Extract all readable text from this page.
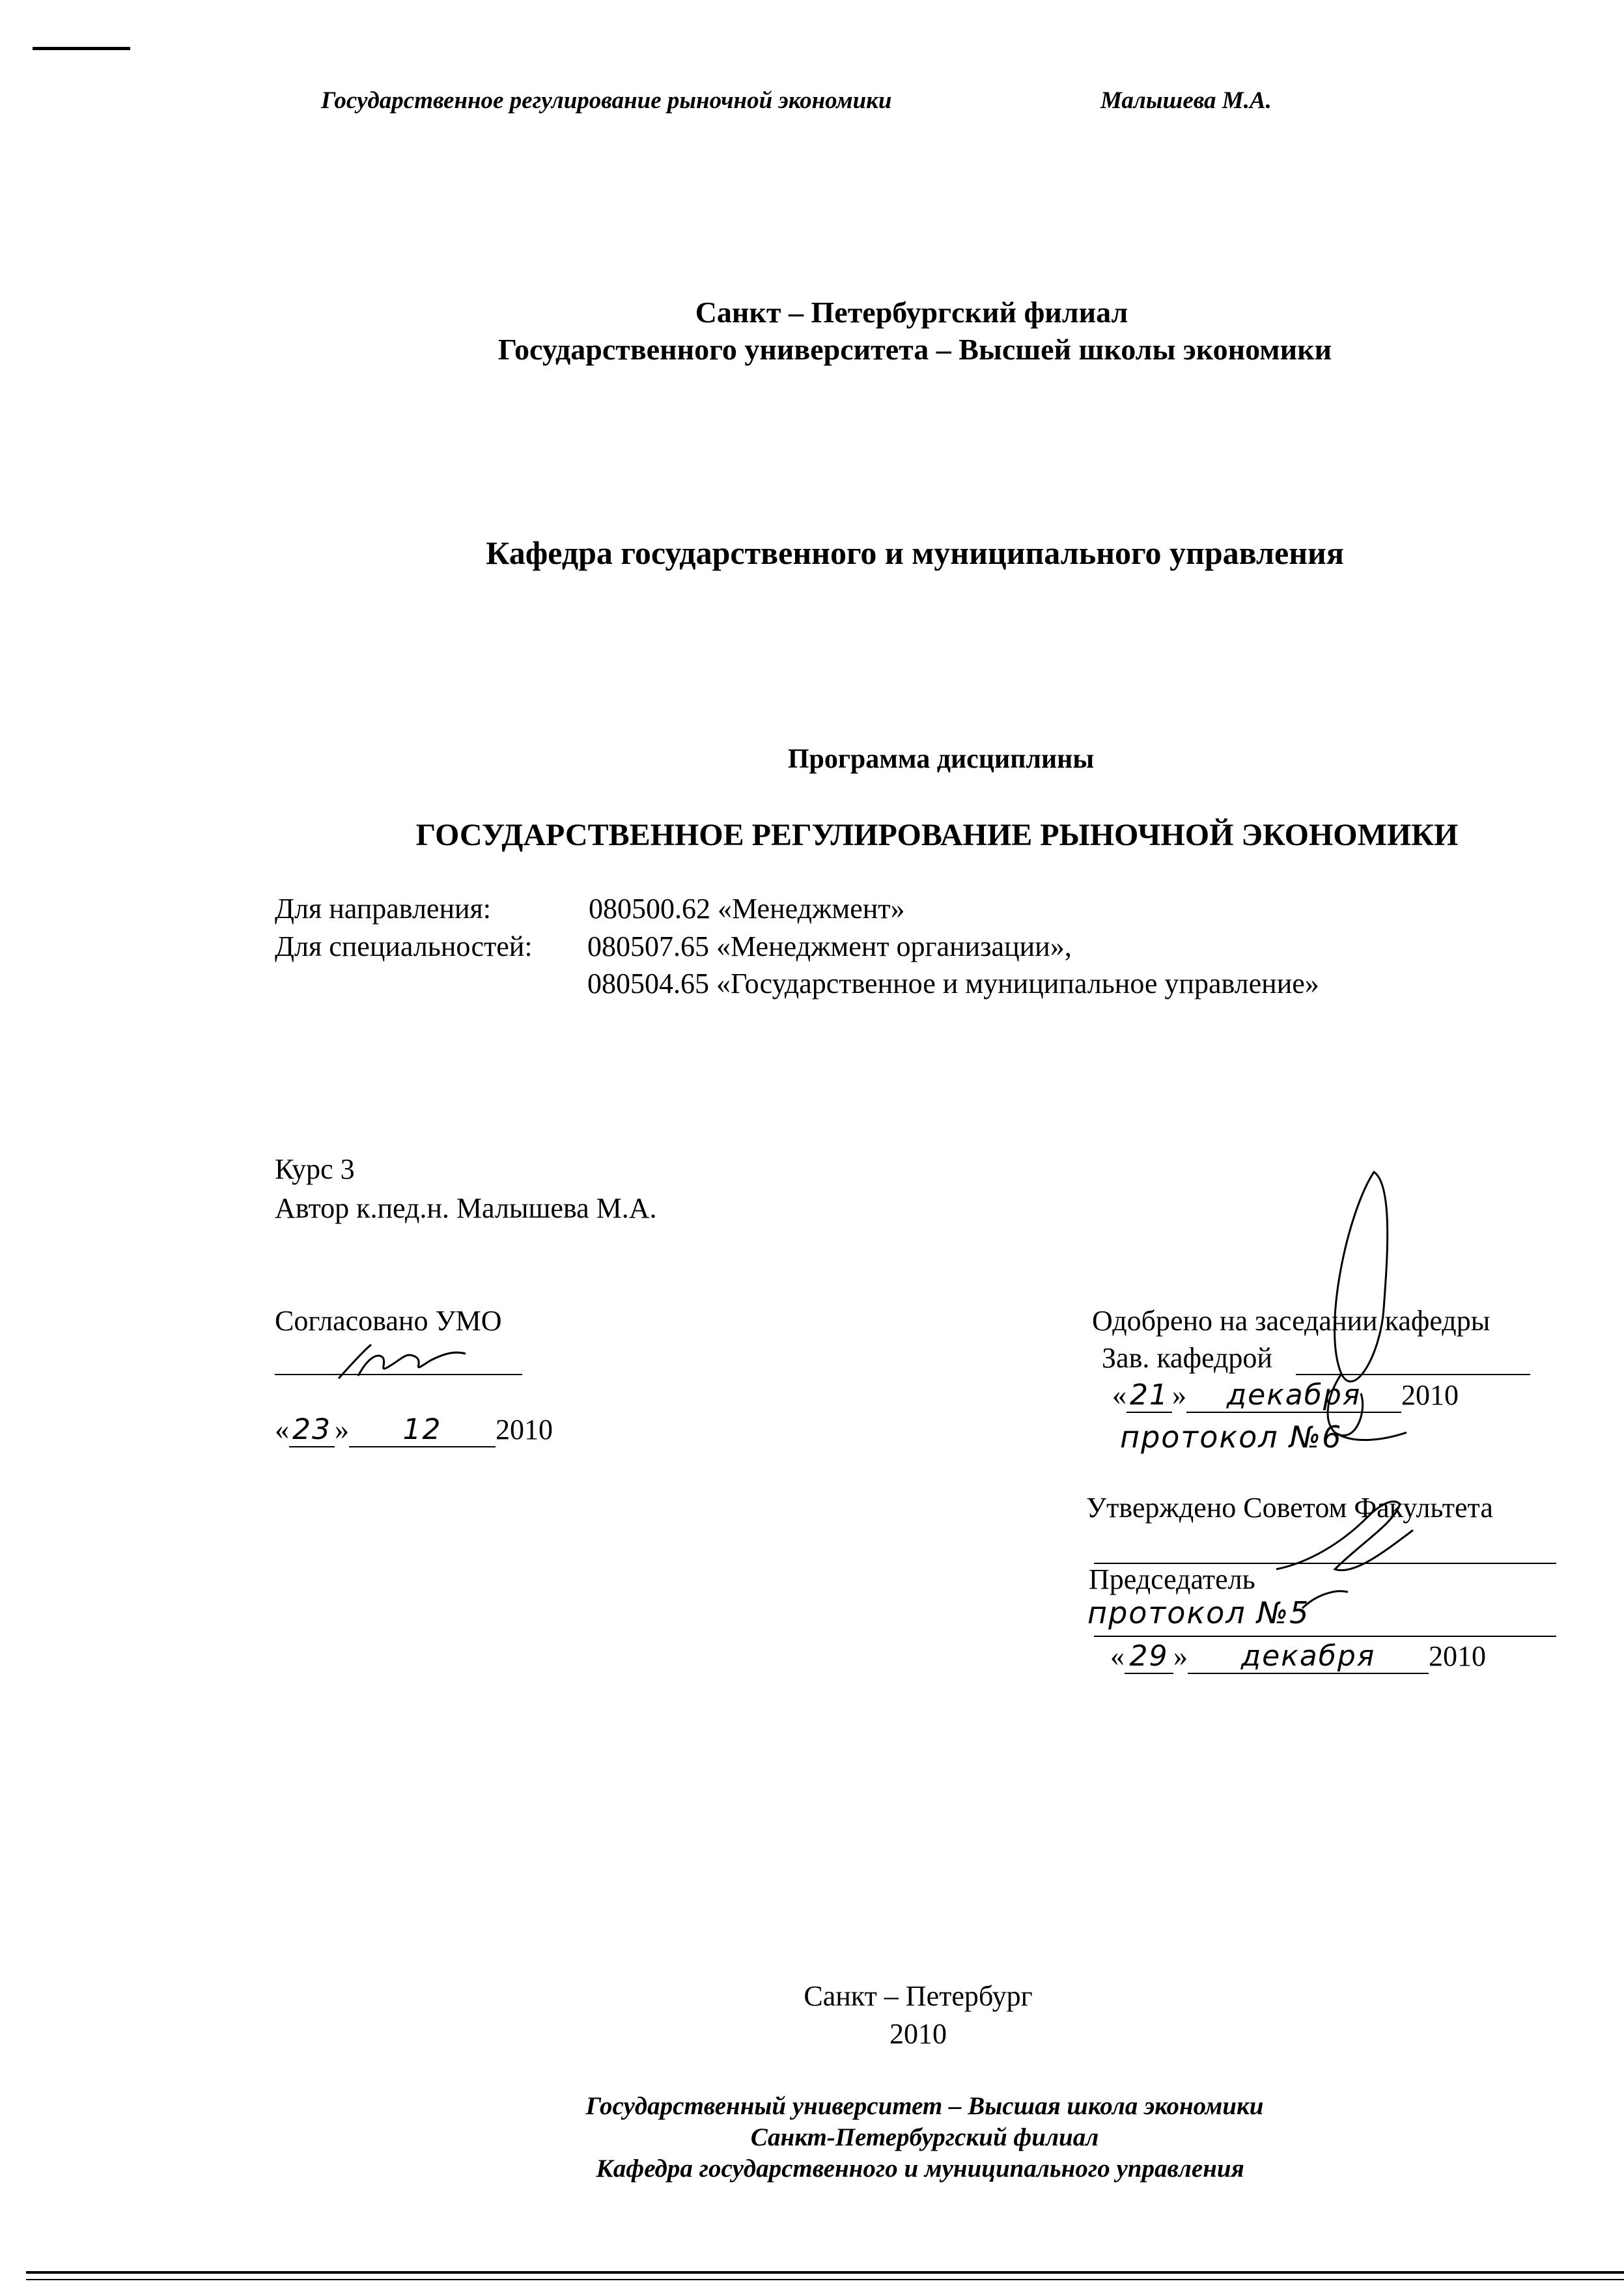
Государственное регулирование рыночной экономики	Малышева М.А.
Санкт – Петербургский филиал
Государственного университета – Высшей школы экономики
Кафедра государственного и муниципального управления
Программа дисциплины
ГОСУДАРСТВЕННОЕ РЕГУЛИРОВАНИЕ РЫНОЧНОЙ ЭКОНОМИКИ
Для направления:	080500.62 «Менеджмент»
Для специальностей: 080507.65 «Менеджмент организации»,
080504.65 «Государственное и муниципальное управление»
Курс 3
Автор к.пед.н. Малышева М.А.
Согласовано УМО
« 23 » 12 2010
Одобрено на заседании кафедры
Зав. кафедрой
« 21 » декабря 2010
протокол №6
Утверждено Советом Факультета
Председатель
протокол №5
« 29 » декабря 2010
Санкт – Петербург
2010
Государственный университет – Высшая школа экономики
Санкт-Петербургский филиал
Кафедра государственного и муниципального управления
